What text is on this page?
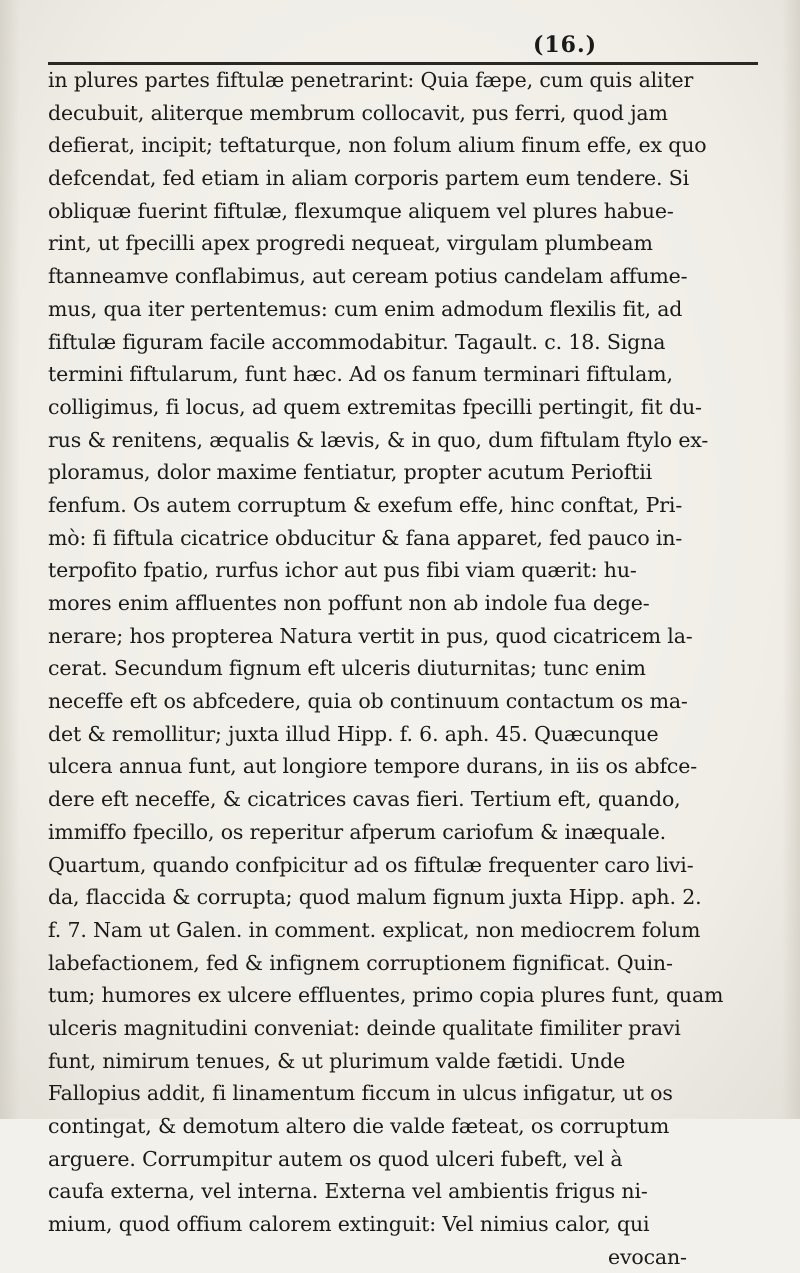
(16.)
in plures partes fiftulæ penetrarint: Quia fæpe, cum quis aliter
decubuit, aliterque membrum collocavit, pus ferri, quod jam
defierat, incipit; teftaturque, non folum alium finum effe, ex quo
defcendat, fed etiam in aliam corporis partem eum tendere. Si
obliquæ fuerint fiftulæ, flexumque aliquem vel plures habue-
rint, ut fpecilli apex progredi nequeat, virgulam plumbeam
ftanneamve conflabimus, aut ceream potius candelam affume-
mus, qua iter pertentemus: cum enim admodum flexilis fit, ad
fiftulæ figuram facile accommodabitur. Tagault. c. 18. Signa
termini fiftularum, funt hæc. Ad os fanum terminari fiftulam,
colligimus, fi locus, ad quem extremitas fpecilli pertingit, fit du-
rus & renitens, æqualis & lævis, & in quo, dum fiftulam ftylo ex-
ploramus, dolor maxime fentiatur, propter acutum Perioftii
fenfum. Os autem corruptum & exefum effe, hinc conftat, Pri-
mò: fi fiftula cicatrice obducitur & fana apparet, fed pauco in-
terpofito fpatio, rurfus ichor aut pus fibi viam quærit: hu-
mores enim affluentes non poffunt non ab indole fua dege-
nerare; hos propterea Natura vertit in pus, quod cicatricem la-
cerat. Secundum fignum eft ulceris diuturnitas; tunc enim
neceffe eft os abfcedere, quia ob continuum contactum os ma-
det & remollitur; juxta illud Hipp. f. 6. aph. 45. Quæcunque
ulcera annua funt, aut longiore tempore durans, in iis os abfce-
dere eft neceffe, & cicatrices cavas fieri. Tertium eft, quando,
immiffo fpecillo, os reperitur afperum cariofum & inæquale.
Quartum, quando confpicitur ad os fiftulæ frequenter caro livi-
da, flaccida & corrupta; quod malum fignum juxta Hipp. aph. 2.
f. 7. Nam ut Galen. in comment. explicat, non mediocrem folum
labefactionem, fed & infignem corruptionem fignificat. Quin-
tum; humores ex ulcere effluentes, primo copia plures funt, quam
ulceris magnitudini conveniat: deinde qualitate fimiliter pravi
funt, nimirum tenues, & ut plurimum valde fætidi. Unde
Fallopius addit, fi linamentum ficcum in ulcus infigatur, ut os
contingat, & demotum altero die valde fæteat, os corruptum
arguere. Corrumpitur autem os quod ulceri fubeft, vel à
caufa externa, vel interna. Externa vel ambientis frigus ni-
mium, quod offium calorem extinguit: Vel nimius calor, qui
evocan-
